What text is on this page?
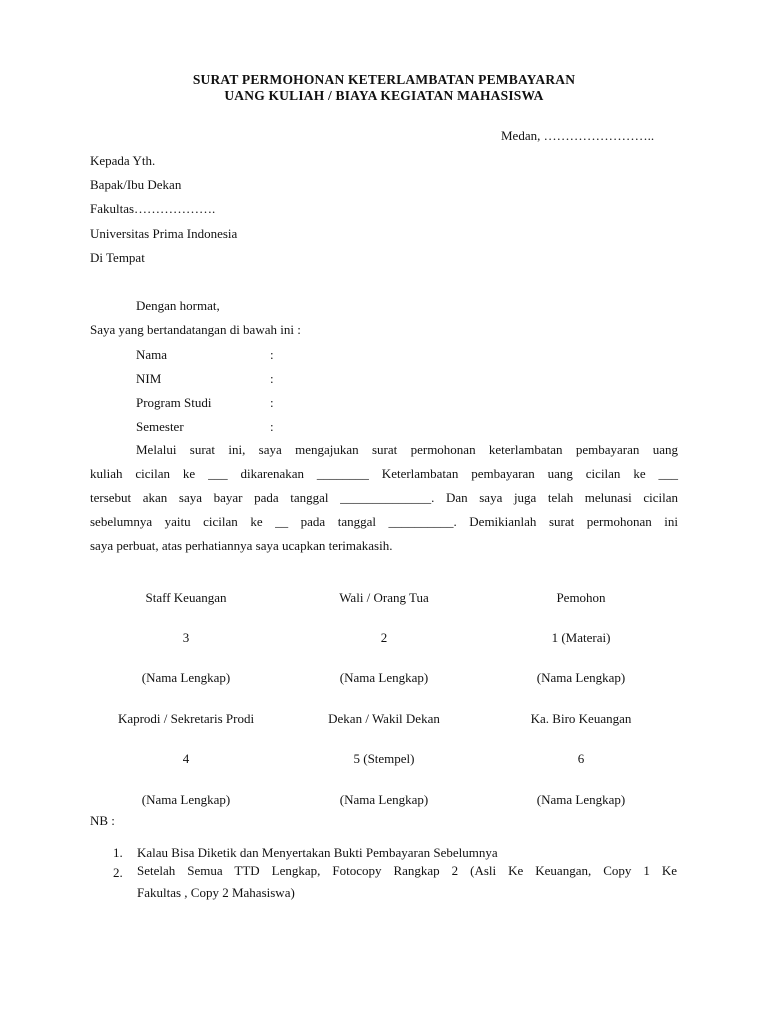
SURAT PERMOHONAN KETERLAMBATAN PEMBAYARAN
UANG KULIAH / BIAYA KEGIATAN MAHASISWA
Medan, ……………………..
Kepada Yth.
Bapak/Ibu Dekan
Fakultas……………….
Universitas Prima Indonesia
Di Tempat
Dengan hormat,
Saya yang bertandatangan di bawah ini :
Nama	:
NIM	:
Program Studi	:
Semester	:
Melalui surat ini, saya mengajukan surat permohonan keterlambatan pembayaran uang
kuliah cicilan ke ___ dikarenakan ________ Keterlambatan pembayaran uang cicilan ke ___
tersebut akan saya bayar pada tanggal ______________. Dan saya juga telah melunasi cicilan
sebelumnya yaitu cicilan ke __ pada tanggal __________. Demikianlah surat permohonan ini
saya perbuat, atas perhatiannya saya ucapkan terimakasih.
Staff Keuangan	Wali / Orang Tua	Pemohon
3	2	1 (Materai)
(Nama Lengkap)	(Nama Lengkap)	(Nama Lengkap)
Kaprodi / Sekretaris Prodi	Dekan / Wakil Dekan	Ka. Biro Keuangan
4	5 (Stempel)	6
(Nama Lengkap)	(Nama Lengkap)	(Nama Lengkap)
NB :
1. Kalau Bisa Diketik dan Menyertakan Bukti Pembayaran Sebelumnya
2. Setelah Semua TTD Lengkap, Fotocopy Rangkap 2 (Asli Ke Keuangan, Copy 1 Ke
Fakultas , Copy 2 Mahasiswa)
